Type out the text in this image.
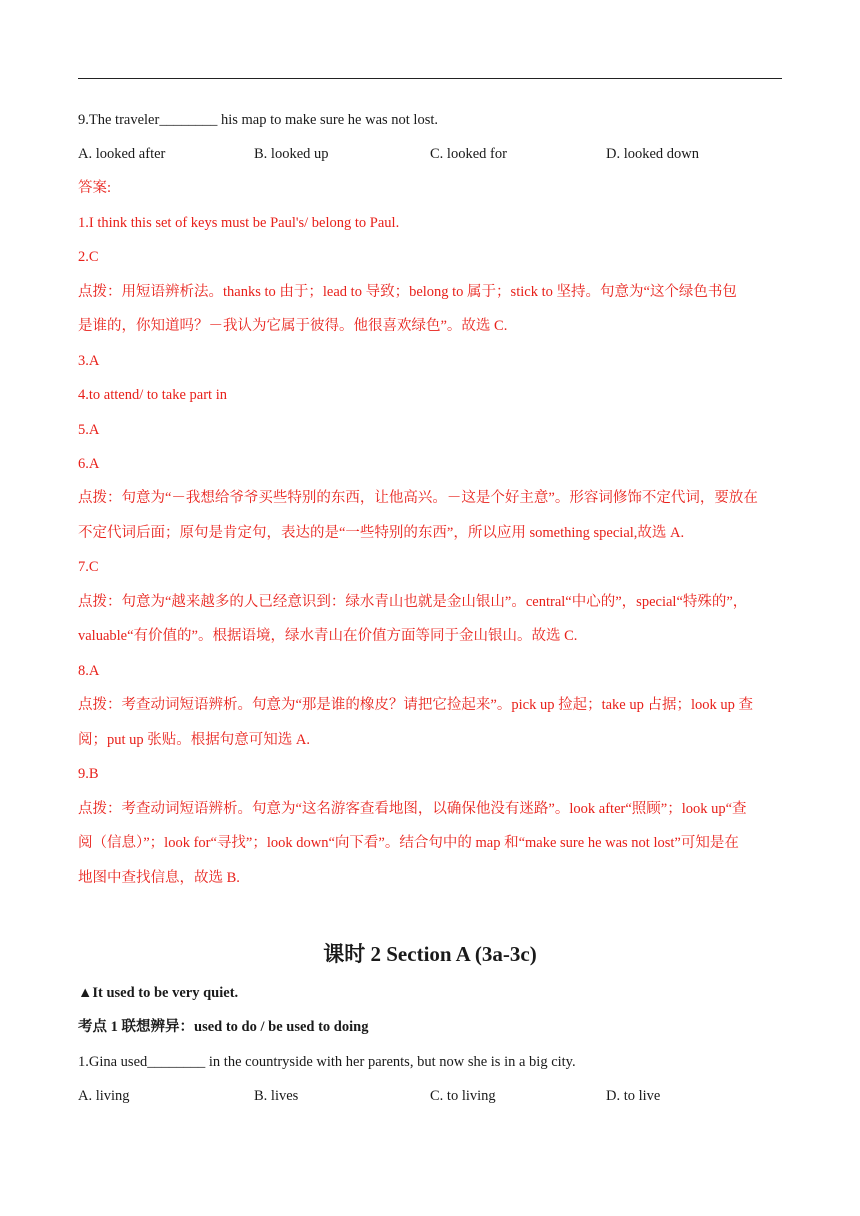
9.The traveler________ his map to make sure he was not lost.
A. looked after	B. looked up	C. looked for	D. looked down
答案:
1.I think this set of keys must be Paul's/ belong to Paul.
2.C
点拨：用短语辨析法。thanks to 由于；lead to 导致；belong to 属于；stick to 坚持。句意为“这个绿色书包
是谁的，你知道吗？－我认为它属于彼得。他很喜欢绿色”。故选 C.
3.A
4.to attend/ to take part in
5.A
6.A
点拨：句意为“－我想给爷爷买些特别的东西，让他高兴。－这是个好主意”。形容词修饰不定代词，要放在
不定代词后面；原句是肯定句，表达的是“一些特别的东西”，所以应用 something special,故选 A.
7.C
点拨：句意为“越来越多的人已经意识到：绿水青山也就是金山银山”。central“中心的”，special“特殊的”，
valuable“有价值的”。根据语境，绿水青山在价值方面等同于金山银山。故选 C.
8.A
点拨：考查动词短语辨析。句意为“那是谁的橡皮？请把它捡起来”。pick up 捡起；take up 占据；look up 查
阅；put up 张贴。根据句意可知选 A.
9.B
点拨：考查动词短语辨析。句意为“这名游客查看地图，以确保他没有迷路”。look after“照顾”；look up“查
阅（信息）”；look for“寻找”；look down“向下看”。结合句中的 map 和“make sure he was not lost”可知是在
地图中查找信息，故选 B.
课时 2 Section A (3a-3c)
▲It used to be very quiet.
考点 1 联想辨异：used to do / be used to doing
1.Gina used________ in the countryside with her parents, but now she is in a big city.
A. living	B. lives	C. to living	D. to live
